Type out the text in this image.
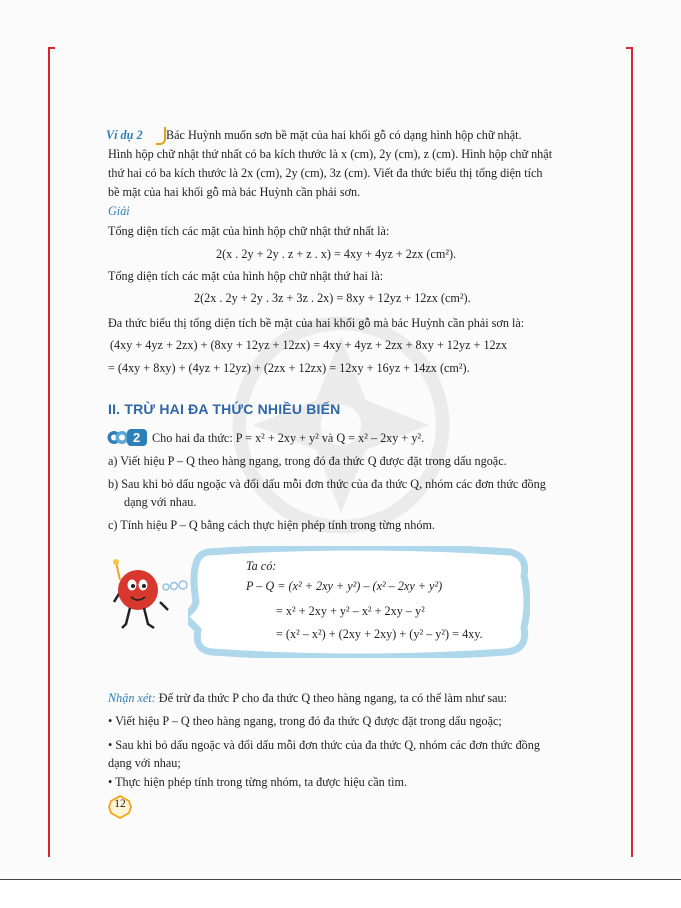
Ví dụ 2 Bác Huỳnh muốn sơn bề mặt của hai khối gỗ có dạng hình hộp chữ nhật.
Hình hộp chữ nhật thứ nhất có ba kích thước là x (cm), 2y (cm), z (cm). Hình hộp chữ nhật
thứ hai có ba kích thước là 2x (cm), 2y (cm), 3z (cm). Viết đa thức biểu thị tổng diện tích
bề mặt của hai khối gỗ mà bác Huỳnh cần phải sơn.
Giải
Tổng diện tích các mặt của hình hộp chữ nhật thứ nhất là:
2(x . 2y + 2y . z + z . x) = 4xy + 4yz + 2zx (cm²).
Tổng diện tích các mặt của hình hộp chữ nhật thứ hai là:
2(2x . 2y + 2y . 3z + 3z . 2x) = 8xy + 12yz + 12zx (cm²).
Đa thức biểu thị tổng diện tích bề mặt của hai khối gỗ mà bác Huỳnh cần phải sơn là:
(4xy + 4yz + 2zx) + (8xy + 12yz + 12zx) = 4xy + 4yz + 2zx + 8xy + 12yz + 12zx
= (4xy + 8xy) + (4yz + 12yz) + (2zx + 12zx) = 12xy + 16yz + 14zx (cm²).
II. TRỪ HAI ĐA THỨC NHIỀU BIẾN
2 Cho hai đa thức: P = x² + 2xy + y² và Q = x² – 2xy + y².
a) Viết hiệu P – Q theo hàng ngang, trong đó đa thức Q được đặt trong dấu ngoặc.
b) Sau khi bỏ dấu ngoặc và đổi dấu mỗi đơn thức của đa thức Q, nhóm các đơn thức đồng
dạng với nhau.
c) Tính hiệu P – Q bằng cách thực hiện phép tính trong từng nhóm.
Ta có:
P – Q = (x² + 2xy + y²) – (x² – 2xy + y²)
= x² + 2xy + y² – x² + 2xy – y²
= (x² – x²) + (2xy + 2xy) + (y² – y²) = 4xy.
Nhận xét: Để trừ đa thức P cho đa thức Q theo hàng ngang, ta có thể làm như sau:
• Viết hiệu P – Q theo hàng ngang, trong đó đa thức Q được đặt trong dấu ngoặc;
• Sau khi bỏ dấu ngoặc và đổi dấu mỗi đơn thức của đa thức Q, nhóm các đơn thức đồng
dạng với nhau;
• Thực hiện phép tính trong từng nhóm, ta được hiệu cần tìm.
12
